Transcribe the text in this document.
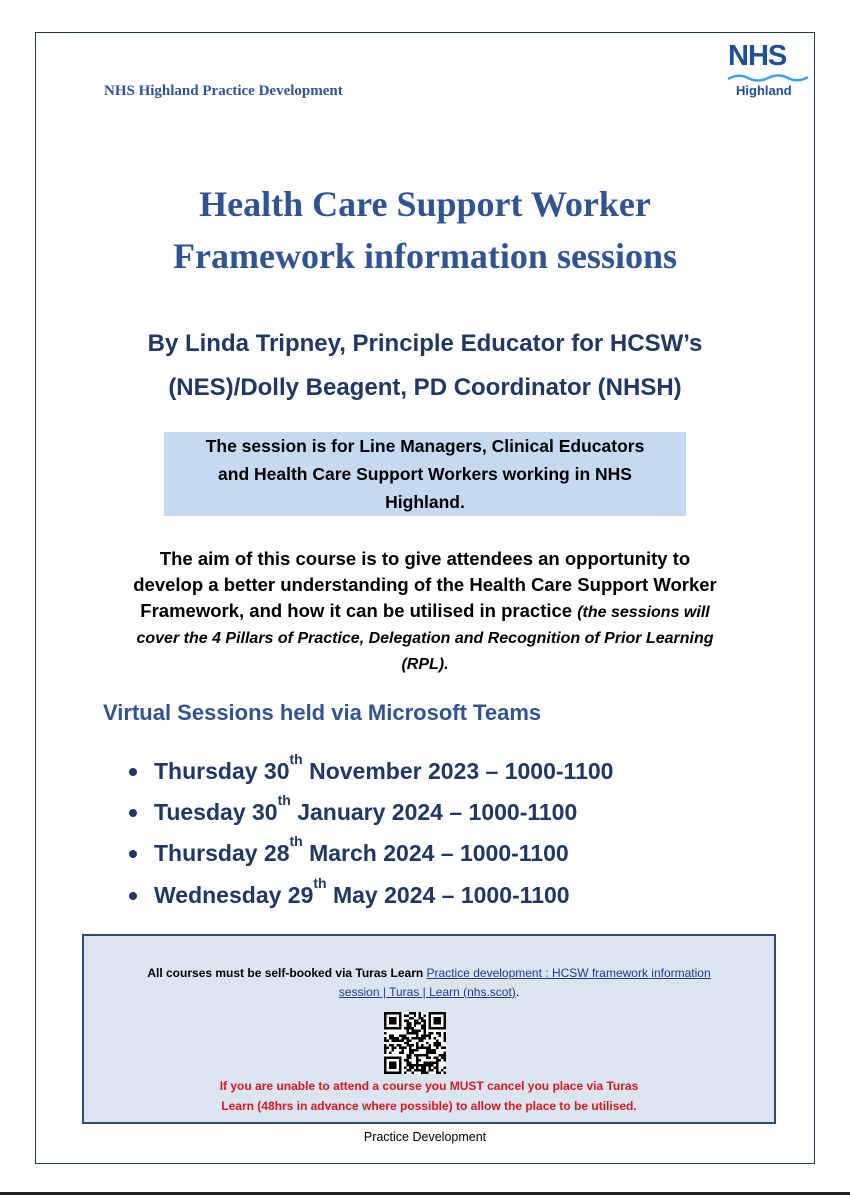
NHS Highland Practice Development
NHS
Highland
Health Care Support Worker
Framework information sessions
By Linda Tripney, Principle Educator for HCSW’s
(NES)/Dolly Beagent, PD Coordinator (NHSH)
The session is for Line Managers, Clinical Educators
and Health Care Support Workers working in NHS
Highland.
The aim of this course is to give attendees an opportunity to
develop a better understanding of the Health Care Support Worker
Framework, and how it can be utilised in practice (the sessions will
cover the 4 Pillars of Practice, Delegation and Recognition of Prior Learning
(RPL).
Virtual Sessions held via Microsoft Teams
Thursday 30th November 2023 – 1000-1100
Tuesday 30th January 2024 – 1000-1100
Thursday 28th March 2024 – 1000-1100
Wednesday 29th May 2024 – 1000-1100
All courses must be self-booked via Turas Learn Practice development : HCSW framework information
session | Turas | Learn (nhs.scot).
If you are unable to attend a course you MUST cancel you place via Turas
Learn (48hrs in advance where possible) to allow the place to be utilised.
Practice Development
